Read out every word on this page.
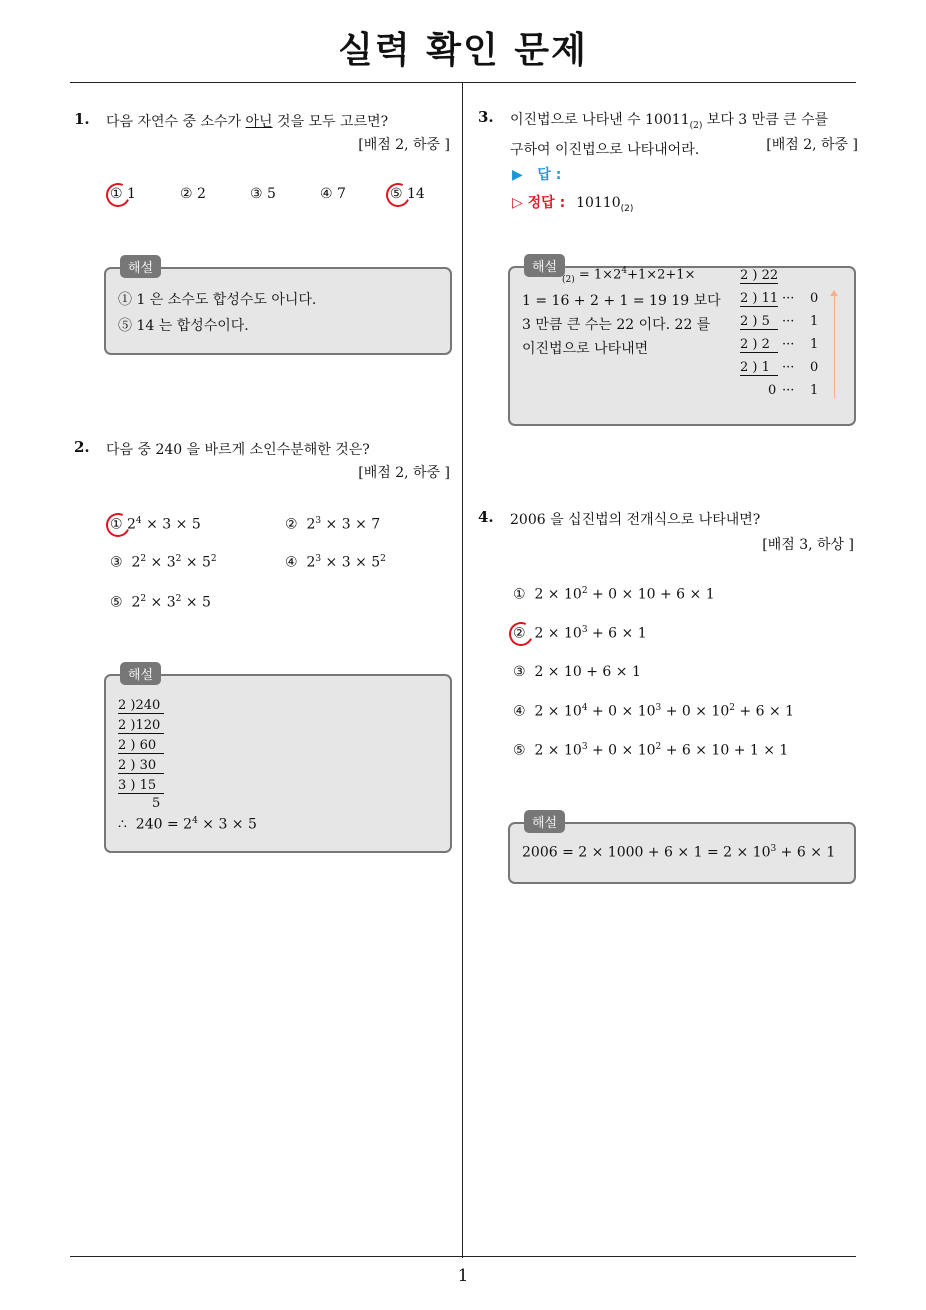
실력 확인 문제
1
1. 다음 자연수 중 소수가 아닌 것을 모두 고르면?
[배점 2, 하중 ]
① 1	② 2	③ 5	④ 7	⑤ 14
해설
① 1 은 소수도 합성수도 아니다.
⑤ 14 는 합성수이다.
2. 다음 중 240 을 바르게 소인수분해한 것은?
[배점 2, 하중 ]
① $2^4 \times 3 \times 5$	②  $2^3 \times 3 \times 7$
③  $2^2 \times 3^2 \times 5^2$	④  $2^3 \times 3 \times 5^2$
⑤  $2^2 \times 3^2 \times 5$
해설
2 )240
2 )120
2 ) 60
2 ) 30
3 ) 15
5
∴  $240 = 2^4 \times 3 \times 5$
3. 이진법으로 나타낸 수 $10011_{(2)}$ 보다 3 만큼 큰 수를
구하여 이진법으로 나타내어라.	[배점 2, 하중 ]
▶ 답 :
▷ 정답 : $10110_{(2)}$
해설
$_{(2)} = 1\times 2^4+1\times 2+1\times$
1 = 16 + 2 + 1 = 19 19 보다
3 만큼 큰 수는 22 이다. 22 를
이진법으로 나타내면
2 ) 22
2 ) 11 ··· 0
2 ) 5 ··· 1
2 ) 2 ··· 1
2 ) 1 ··· 0
0 ··· 1
4. 2006 을 십진법의 전개식으로 나타내면?
[배점 3, 하상 ]
①  $2 \times 10^2 + 0 \times 10 + 6 \times 1$
②  $2 \times 10^3 + 6 \times 1$
③  2 × 10 + 6 × 1
④  $2 \times 10^4 + 0 \times 10^3 + 0 \times 10^2 + 6 \times 1$
⑤  $2 \times 10^3 + 0 \times 10^2 + 6 \times 10 + 1 \times 1$
해설
$2006 = 2 \times 1000 + 6 \times 1 = 2 \times 10^3 + 6 \times 1$
